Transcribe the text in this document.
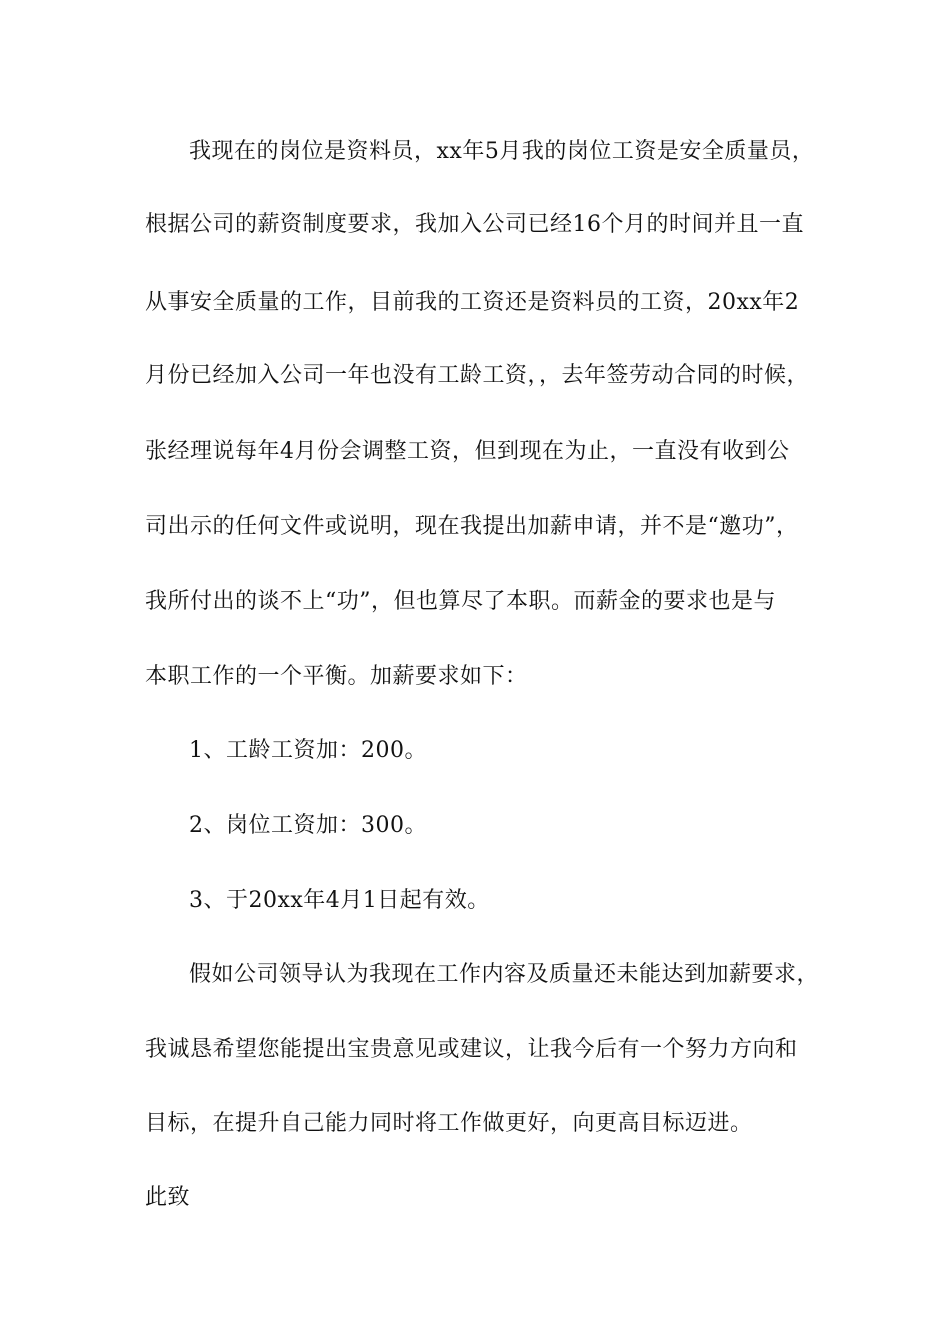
我现在的岗位是资料员，xx年5月我的岗位工资是安全质量员，
根据公司的薪资制度要求，我加入公司已经16个月的时间并且一直
从事安全质量的工作，目前我的工资还是资料员的工资，20xx年2
月份已经加入公司一年也没有工龄工资，，去年签劳动合同的时候，
张经理说每年4月份会调整工资，但到现在为止，一直没有收到公
司出示的任何文件或说明，现在我提出加薪申请，并不是“邀功”，
我所付出的谈不上“功”，但也算尽了本职。而薪金的要求也是与
本职工作的一个平衡。加薪要求如下：
1、工龄工资加：200。
2、岗位工资加：300。
3、于20xx年4月1日起有效。
假如公司领导认为我现在工作内容及质量还未能达到加薪要求，
我诚恳希望您能提出宝贵意见或建议，让我今后有一个努力方向和
目标，在提升自己能力同时将工作做更好，向更高目标迈进。
此致
